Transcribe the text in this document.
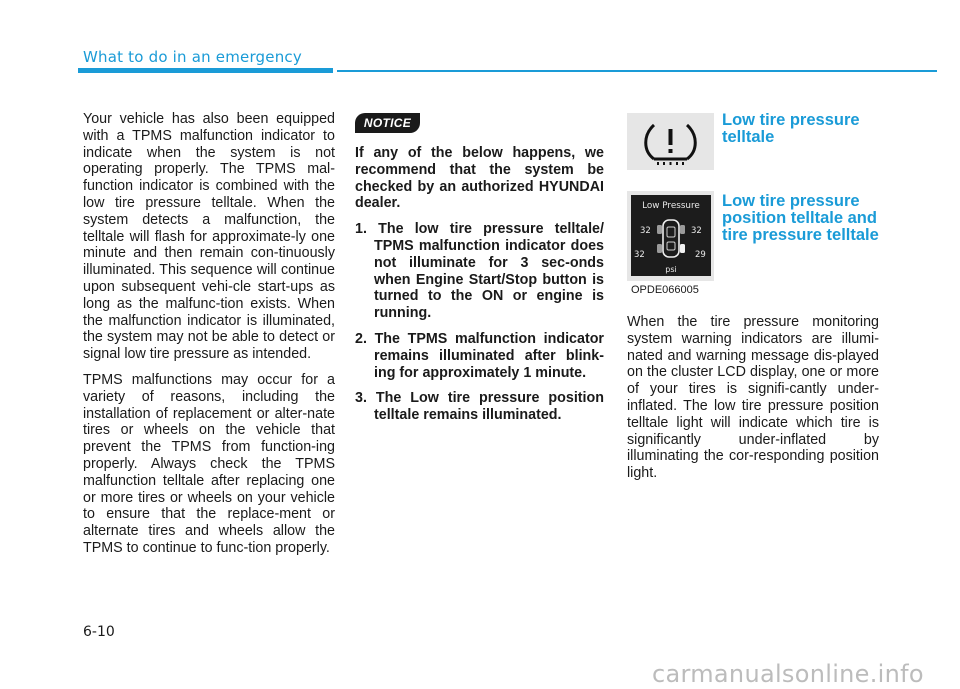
What to do in an emergency

Your vehicle has also been equipped with a TPMS malfunction indicator to indicate when the system is not operating properly. The TPMS mal-function indicator is combined with the low tire pressure telltale. When the system detects a malfunction, the telltale will flash for approximate-ly one minute and then remain con-tinuously illuminated. This sequence will continue upon subsequent vehi-cle start-ups as long as the malfunc-tion exists. When the malfunction indicator is illuminated, the system may not be able to detect or signal low tire pressure as intended.

TPMS malfunctions may occur for a variety of reasons, including the installation of replacement or alter-nate tires or wheels on the vehicle that prevent the TPMS from function-ing properly. Always check the TPMS malfunction telltale after replacing one or more tires or wheels on your vehicle to ensure that the replace-ment or alternate tires and wheels allow the TPMS to continue to func-tion properly.

NOTICE

If any of the below happens, we recommend that the system be checked by an authorized HYUNDAI dealer.

1. The low tire pressure telltale/ TPMS malfunction indicator does not illuminate for 3 sec-onds when Engine Start/Stop button is turned to the ON or engine is running.
2. The TPMS malfunction indicator remains illuminated after blink-ing for approximately 1 minute.
3. The Low tire pressure position telltale remains illuminated.
Low tire pressure telltale
Low Pressure
32	32
32	29
psi
Low tire pressure position telltale and tire pressure telltale
OPDE066005

When the tire pressure monitoring system warning indicators are illumi-nated and warning message dis-played on the cluster LCD display, one or more of your tires is signifi-cantly under-inflated. The low tire pressure position telltale light will indicate which tire is significantly under-inflated by illuminating the cor-responding position light.

6-10
carmanualsonline.info
